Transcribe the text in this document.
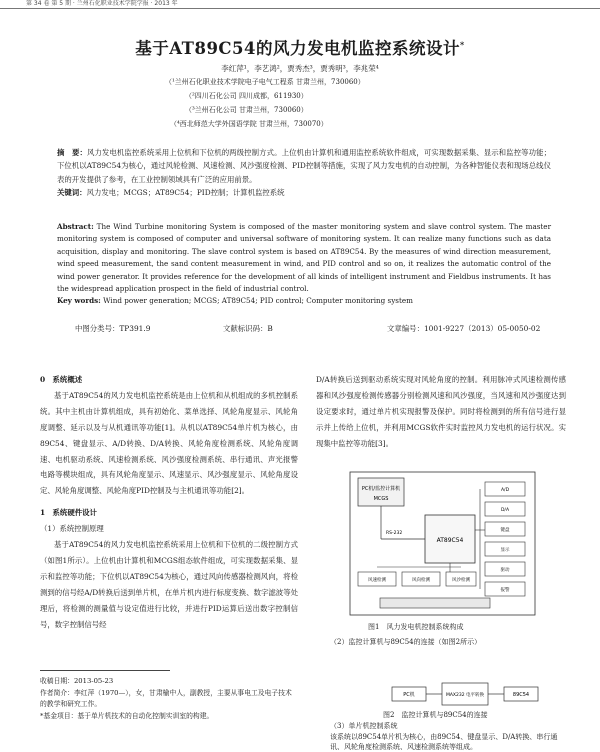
第 34 卷 第 5 期 · 兰州石化职业技术学院学报 · 2013 年
基于AT89C54的风力发电机监控系统设计*
李红萍¹，李艺鸿²，贾秀杰³，贾秀明³，李兆荣⁴
（¹兰州石化职业技术学院电子电气工程系 甘肃兰州，730060）
（²四川石化公司 四川成都，611930）
（³兰州石化公司 甘肃兰州，730060）
（⁴西北师范大学外国语学院 甘肃兰州，730070）

摘　要：风力发电机监控系统采用上位机和下位机的两级控制方式。上位机由计算机和通用监控系统软件组成，可实现数据采集、显示和监控等功能；下位机以AT89C54为核心，通过风轮检测、风速检测、风沙强度检测、PID控制等措施，实现了风力发电机的自动控制，为各种智能仪表和现场总线仪表的开发提供了参考，在工业控制领域具有广泛的应用前景。

关键词：风力发电；MCGS；AT89C54；PID控制；计算机监控系统

Abstract: The Wind Turbine monitoring System is composed of the master monitoring system and slave control system. The master monitoring system is composed of computer and universal software of monitoring system. It can realize many functions such as data acquisition, display and monitoring. The slave control system is based on AT89C54. By the measures of wind direction measurement, wind speed measurement, the sand content measurement in wind, and PID control and so on, it realizes the automatic control of the wind power generator. It provides reference for the development of all kinds of intelligent instrument and Fieldbus instruments. It has the widespread application prospect in the field of industrial control.

Key words: Wind power generation; MCGS; AT89C54; PID control; Computer monitoring system

中图分类号：TP391.9	文献标识码：B	文章编号：1001-9227（2013）05-0050-02

0　系统概述

基于AT89C54的风力发电机监控系统是由上位机和从机组成的多机控制系统。其中主机由计算机组成，具有初始化、菜单选择、风轮角度显示、风轮角度调整、延示以及与从机通讯等功能[1]。从机以AT89C54单片机为核心，由89C54、键盘显示、A/D转换、D/A转换、风轮角度检测系统、风轮角度调速、电机驱动系统、风速检测系统、风沙强度检测系统、串行通讯、声光报警电路等模块组成，具有风轮角度显示、风速显示、风沙强度显示、风轮角度设定、风轮角度调整、风轮角度PID控制及与主机通讯等功能[2]。

1　系统硬件设计

（1）系统控制原理

基于AT89C54的风力发电机监控系统采用上位机和下位机的二级控制方式（如图1所示）。上位机由计算机和MCGS组态软件组成，可实现数据采集、显示和监控等功能；下位机以AT89C54为核心，通过风向传感器检测风向，将检测到的信号经A/D转换后送到单片机，在单片机内进行标度变换、数字滤波等处理后，将检测的测量值与设定值进行比较，并进行PID运算后送出数字控制信号，数字控制信号经

D/A转换后送到驱动系统实现对风轮角度的控制。利用脉冲式风速检测传感器和风沙强度检测传感器分别检测风速和风沙强度，当风速和风沙强度达到设定要求时，通过单片机实现报警及保护。同时将检测到的所有信号进行显示并上传给上位机，并利用MCGS软件实时监控风力发电机的运行状况。实现集中监控等功能[3]。

PC机/监控计算机
MCGS
AT89C54
RS-232
A/D
D/A
键盘
显示
驱动
报警
风速检测	风向检测	风沙检测
图1　风力发电机控制系统构成
（2）监控计算机与89C54的连接（如图2所示）
PC机	MAX232 电平转换	89C54
图2　监控计算机与89C54的连接
（3）单片机控制系统
该系统以89C54单片机为核心，由89C54、键盘显示、D/A转换、串行通讯、风轮角度检测系统、风速检测系统等组成。

收稿日期：2013-05-23

作者简介：李红萍（1970—），女，甘肃榆中人，副教授，主要从事电工及电子技术的教学和研究工作。

*基金项目：基于单片机技术的自动化控制实训室的构建。
